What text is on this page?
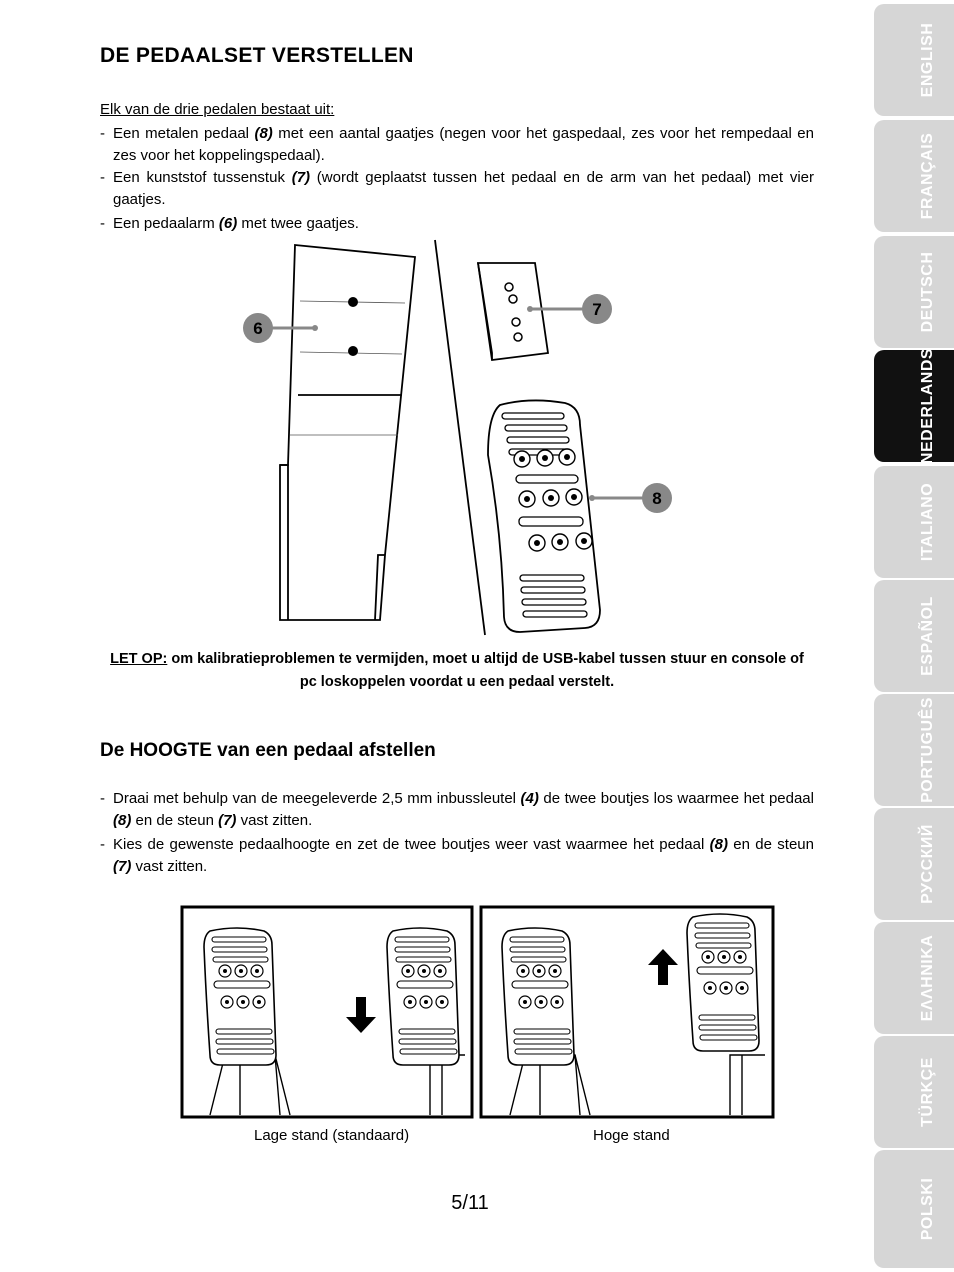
DE PEDAALSET VERSTELLEN
Elk van de drie pedalen bestaat uit:
- Een metalen pedaal (8) met een aantal gaatjes (negen voor het gaspedaal, zes voor het rempedaal en zes voor het koppelingspedaal).
- Een kunststof tussenstuk (7) (wordt geplaatst tussen het pedaal en de arm van het pedaal) met vier gaatjes.
- Een pedaalarm (6) met twee gaatjes.
6
7
8
LET OP: om kalibratieproblemen te vermijden, moet u altijd de USB-kabel tussen stuur en console of pc loskoppelen voordat u een pedaal verstelt.
De HOOGTE van een pedaal afstellen
- Draai met behulp van de meegeleverde 2,5 mm inbussleutel (4) de twee boutjes los waarmee het pedaal (8) en de steun (7) vast zitten.
- Kies de gewenste pedaalhoogte en zet de twee boutjes weer vast waarmee het pedaal (8) en de steun (7) vast zitten.
Lage stand (standaard)	Hoge stand
5/11
ENGLISH
FRANÇAIS
DEUTSCH
NEDERLANDS
ITALIANO
ESPAÑOL
PORTUGUÊS
РУССКИЙ
ΕΛΛΗΝΙΚΑ
TÜRKÇE
POLSKI
